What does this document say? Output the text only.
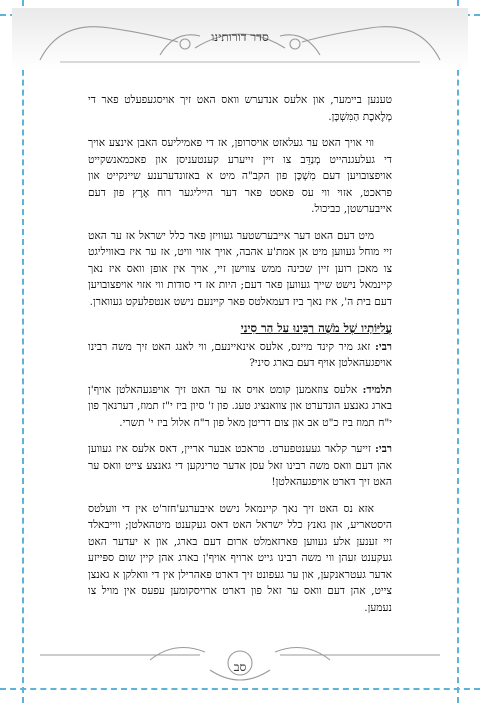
סדר דורותינו

טענען ביימער, און אלעס אנדערש וואס האט זיך אויסגעפעלט פאר די מְלֶאכֶת הַמִּשְׁכָּן.

ווי אויך האט ער געלאזט אויסרופן, אז די פאמיליעס האבן אינצע אויך די געלעגנהייט מְנַדֵּב צו זיין זייערע קענטעניסן און פאכמאנשקייט אויפצובויען דעם מִשְׁכָּן פון הקב"ה מיט א באזונדערענע שיינקייט און פראכט, אזוי ווי עס פאסט פאר דער הייליגער רוח אֶרֶץ פון דעם אייבערשטן, כביכול.

מיט דעם האט דער אייבערשטער געוויזן פאר כלל ישראל אז ער האט זיי מוחל געווען מיט אן אמת'ע אהבה, אויך אזוי וויט, אז ער איז באוויליגט צו מאכן רוען זיין שכינה ממש צווישן זיי, אויך אין אופן וואס איז נאך קיינמאל נישט שייך געווען פאר דעם; היות אז די סודות ווי אזוי אויפצובויען דעם בית ה', איז נאך ביז דעמאלטס פאר קיינעם נישט אנטפלעקט געווארן.

עֲלִיּוֹתָיו שֶׁל מֹשֶׁה רַבֵּינוּ עַל הַר סִינַי

רבי: זאג מיר קינד מיינס, אלעס אינאיינעם, ווי לאנג האט זיך משה רבינו אויפגעהאלטן אויף דעם בארג סיני?

תלמיד: אלעס צוזאמען קומט אויס אז ער האט זיך אויפגעהאלטן אויף'ן בארג גאנצע הונדערט און צוואנציג טעג. פון ז' סיון ביז י"ז תמוז, דערנאך פון י"ח תמוז ביז כ"ט אב און צום דריטן מאל פון ר"ח אלול ביז י' תשרי.

רבי: זייער קלאר געענטפערט. טראכט אבער אריין, דאס אלעס איז געווען אהן דעם וואס משה רבינו זאל עסן אדער טרינקען די גאנצע צייט וואס ער האט זיך דארט אויפגעהאלטן!

אזא נס האט זיך נאך קיינמאל נישט איבערגע'חזר'ט אין די וועלטס היסטאריע, און גאנץ כלל ישראל האט דאס געקענט מיטהאלטן; ווייבאלד זיי זענען אלע געווען פארזאמלט ארום דעם בארג, און א יעדער האט געקענט זעהן ווי משה רבינו גייט ארויף אויף'ן בארג אהן קיין שום ספּייזע אדער געטראנקען, און ער געפונט זיך דארט פאהרילן אין די וואלקן א גאנצן צייט, אהן דעם וואס ער זאל פון דארט ארויסקומען עפעס אין מויל צו נעמען.

סב
